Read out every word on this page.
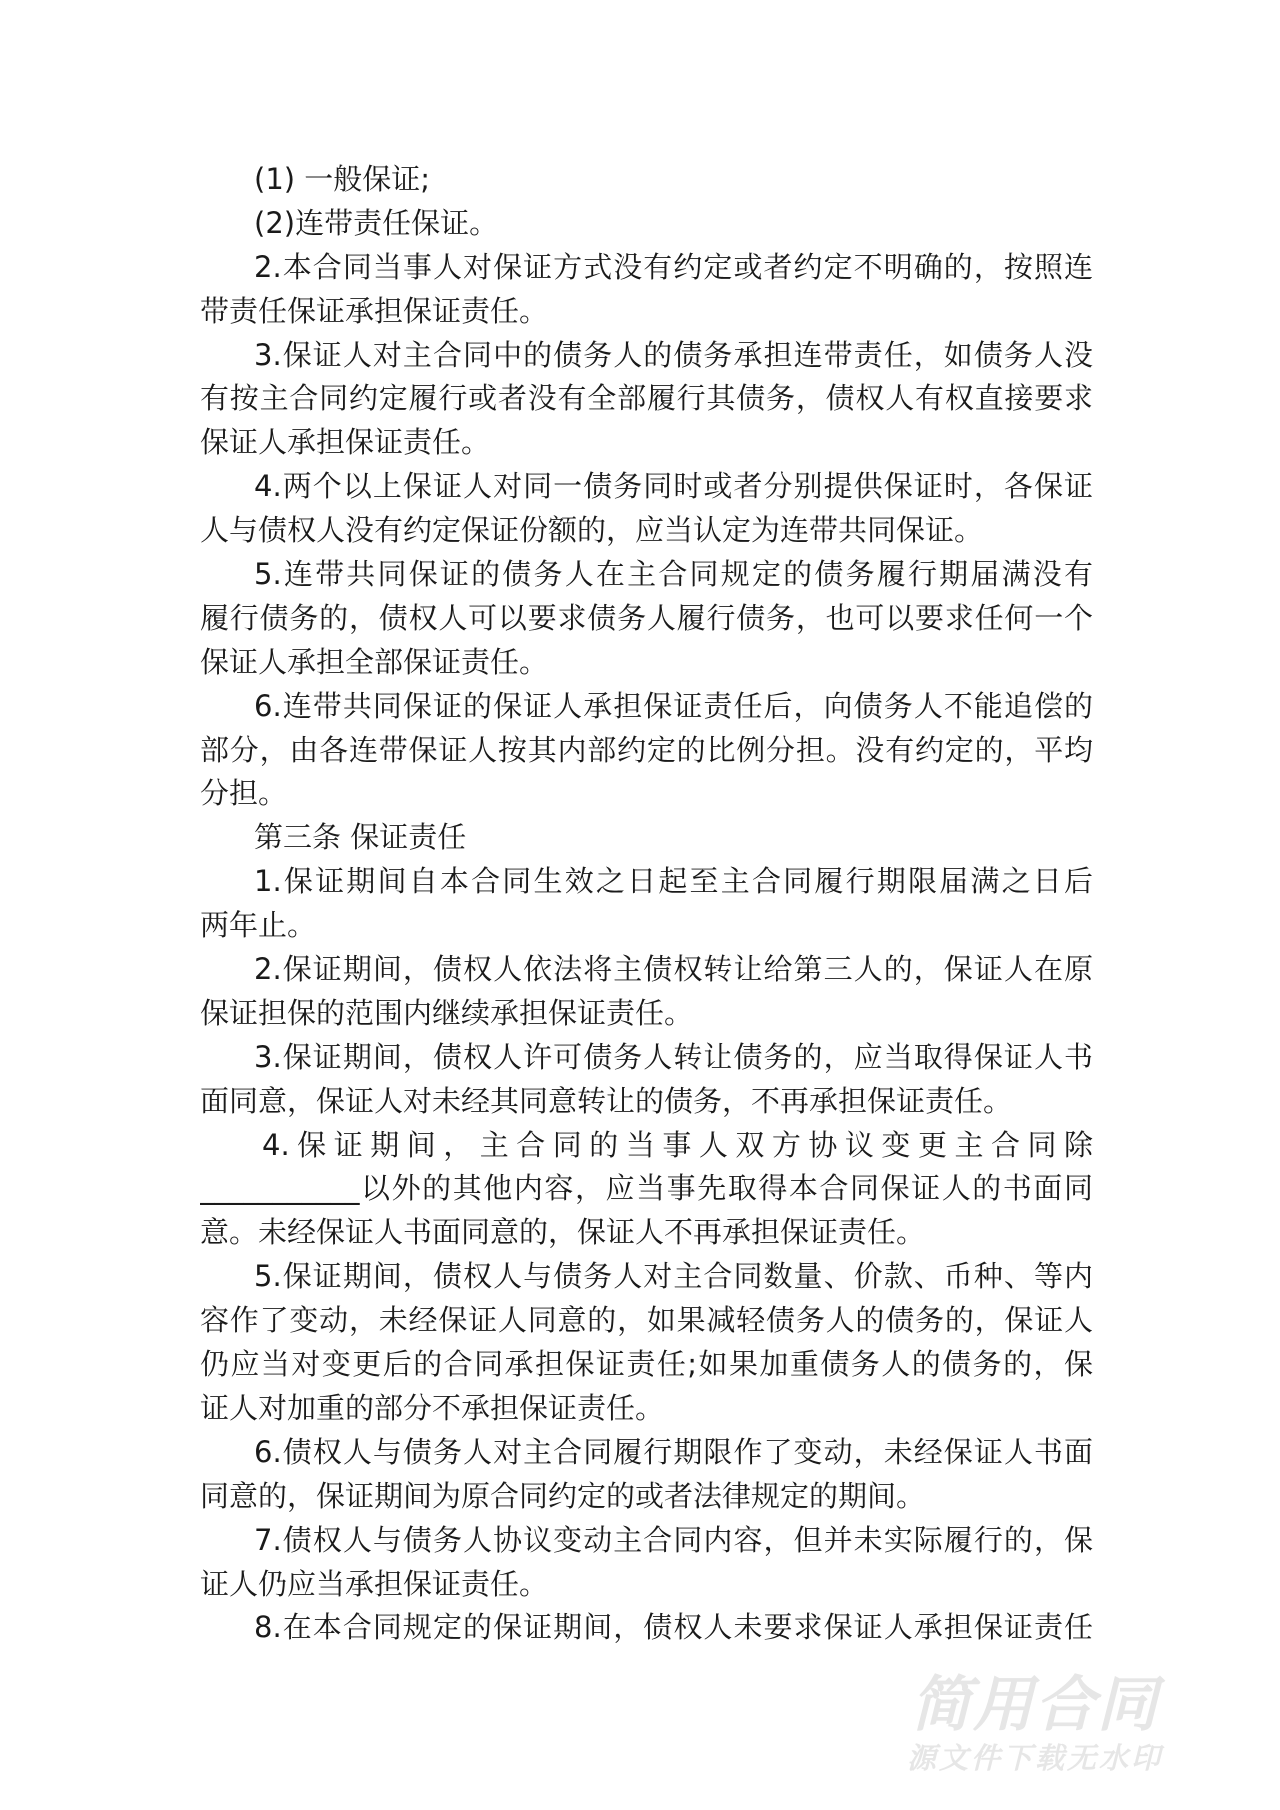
(1) 一般保证;
(2)连带责任保证。
2.本合同当事人对保证方式没有约定或者约定不明确的，按照连
带责任保证承担保证责任。
3.保证人对主合同中的债务人的债务承担连带责任，如债务人没
有按主合同约定履行或者没有全部履行其债务，债权人有权直接要求
保证人承担保证责任。
4.两个以上保证人对同一债务同时或者分别提供保证时，各保证
人与债权人没有约定保证份额的，应当认定为连带共同保证。
5.连带共同保证的债务人在主合同规定的债务履行期届满没有
履行债务的，债权人可以要求债务人履行债务，也可以要求任何一个
保证人承担全部保证责任。
6.连带共同保证的保证人承担保证责任后，向债务人不能追偿的
部分，由各连带保证人按其内部约定的比例分担。没有约定的，平均
分担。
第三条 保证责任
1.保证期间自本合同生效之日起至主合同履行期限届满之日后
两年止。
2.保证期间，债权人依法将主债权转让给第三人的，保证人在原
保证担保的范围内继续承担保证责任。
3.保证期间，债权人许可债务人转让债务的，应当取得保证人书
面同意，保证人对未经其同意转让的债务，不再承担保证责任。
4.保证期间，主合同的当事人双方协议变更主合同除
___________以外的其他内容，应当事先取得本合同保证人的书面同
意。未经保证人书面同意的，保证人不再承担保证责任。
5.保证期间，债权人与债务人对主合同数量、价款、币种、等内
容作了变动，未经保证人同意的，如果减轻债务人的债务的，保证人
仍应当对变更后的合同承担保证责任;如果加重债务人的债务的，保
证人对加重的部分不承担保证责任。
6.债权人与债务人对主合同履行期限作了变动，未经保证人书面
同意的，保证期间为原合同约定的或者法律规定的期间。
7.债权人与债务人协议变动主合同内容，但并未实际履行的，保
证人仍应当承担保证责任。
8.在本合同规定的保证期间，债权人未要求保证人承担保证责任
简用合同
源文件下载无水印
